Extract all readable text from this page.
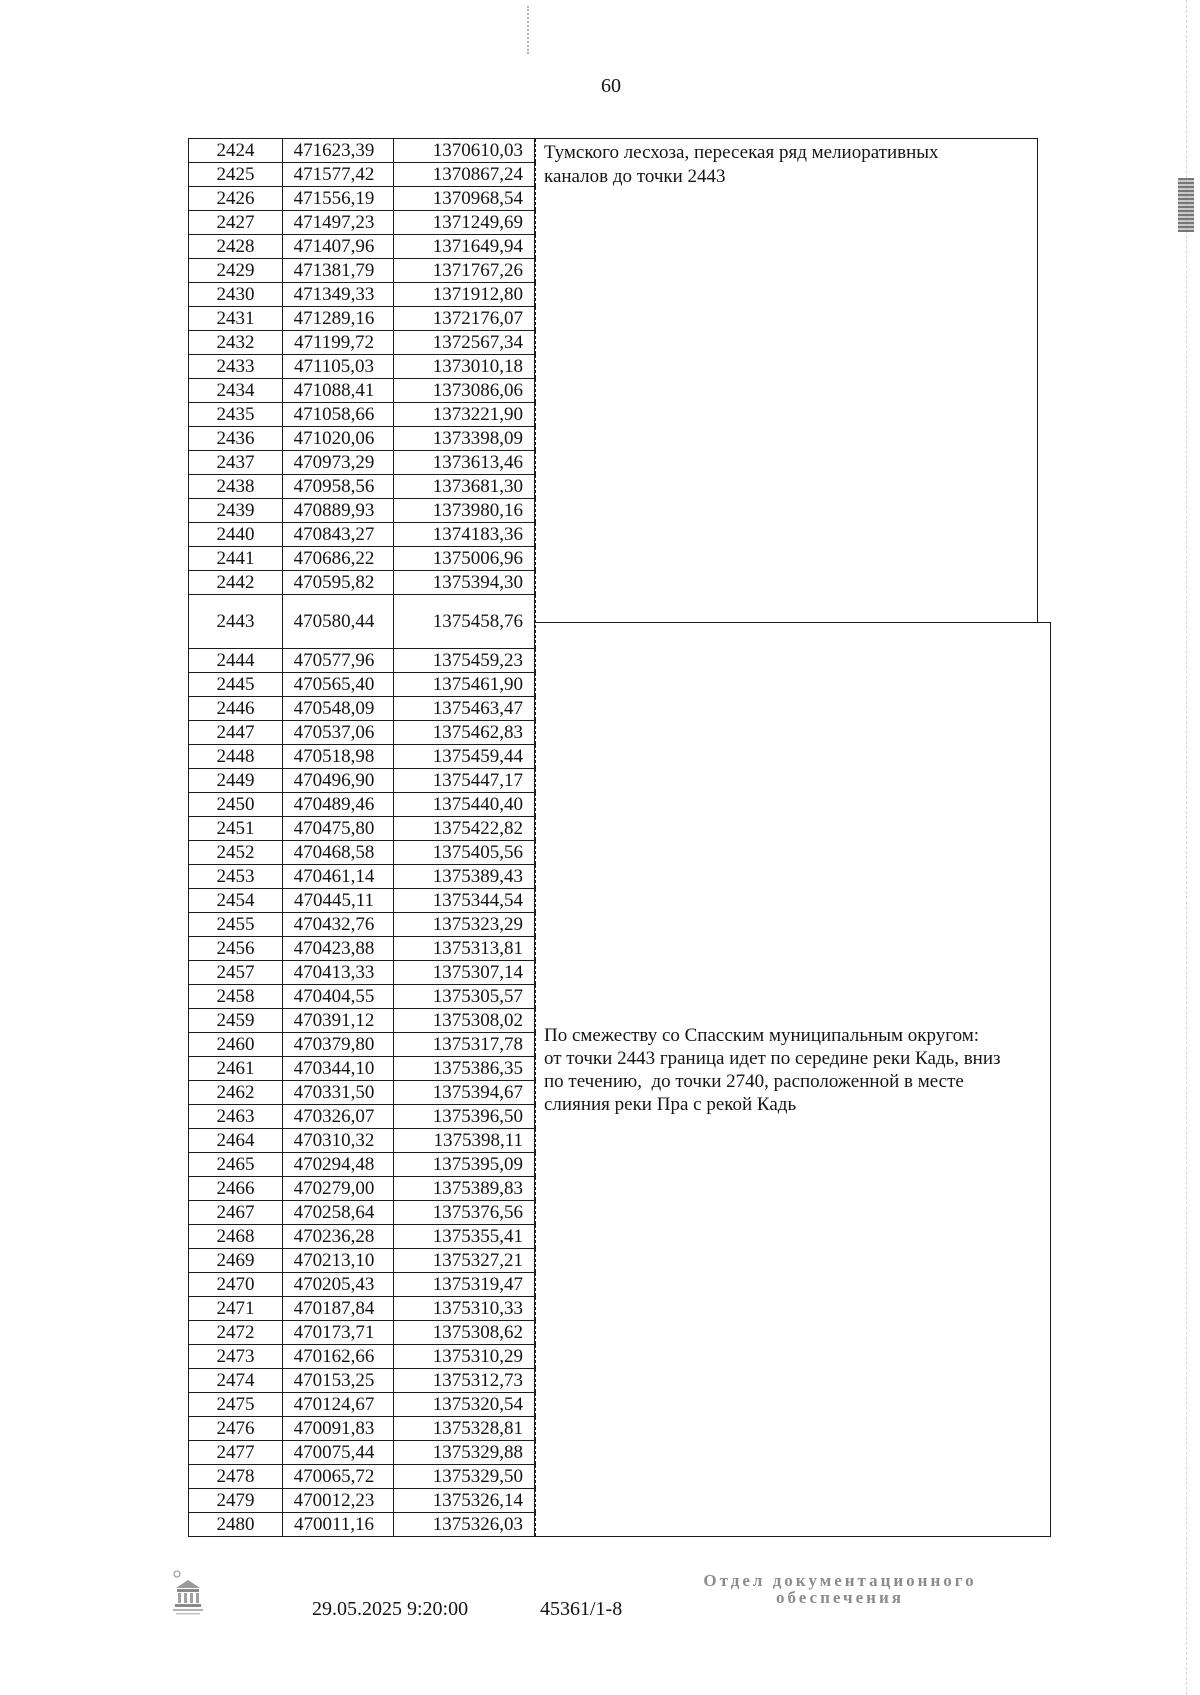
60
2424	471623,39	1370610,03
2425	471577,42	1370867,24
2426	471556,19	1370968,54
2427	471497,23	1371249,69
2428	471407,96	1371649,94
2429	471381,79	1371767,26
2430	471349,33	1371912,80
2431	471289,16	1372176,07
2432	471199,72	1372567,34
2433	471105,03	1373010,18
2434	471088,41	1373086,06
2435	471058,66	1373221,90
2436	471020,06	1373398,09
2437	470973,29	1373613,46
2438	470958,56	1373681,30
2439	470889,93	1373980,16
2440	470843,27	1374183,36
2441	470686,22	1375006,96
2442	470595,82	1375394,30
2443	470580,44	1375458,76
2444	470577,96	1375459,23
2445	470565,40	1375461,90
2446	470548,09	1375463,47
2447	470537,06	1375462,83
2448	470518,98	1375459,44
2449	470496,90	1375447,17
2450	470489,46	1375440,40
2451	470475,80	1375422,82
2452	470468,58	1375405,56
2453	470461,14	1375389,43
2454	470445,11	1375344,54
2455	470432,76	1375323,29
2456	470423,88	1375313,81
2457	470413,33	1375307,14
2458	470404,55	1375305,57
2459	470391,12	1375308,02
2460	470379,80	1375317,78
2461	470344,10	1375386,35
2462	470331,50	1375394,67
2463	470326,07	1375396,50
2464	470310,32	1375398,11
2465	470294,48	1375395,09
2466	470279,00	1375389,83
2467	470258,64	1375376,56
2468	470236,28	1375355,41
2469	470213,10	1375327,21
2470	470205,43	1375319,47
2471	470187,84	1375310,33
2472	470173,71	1375308,62
2473	470162,66	1375310,29
2474	470153,25	1375312,73
2475	470124,67	1375320,54
2476	470091,83	1375328,81
2477	470075,44	1375329,88
2478	470065,72	1375329,50
2479	470012,23	1375326,14
2480	470011,16	1375326,03
Тумского лесхоза, пересекая ряд мелиоративных
каналов до точки 2443
По смежеству со Спасским муниципальным округом:
от точки 2443 граница идет по середине реки Кадь, вниз
по течению,  до точки 2740, расположенной в месте
слияния реки Пра с рекой Кадь
29.05.2025 9:20:00	45361/1-8
Отдел документационного
обеспечения
